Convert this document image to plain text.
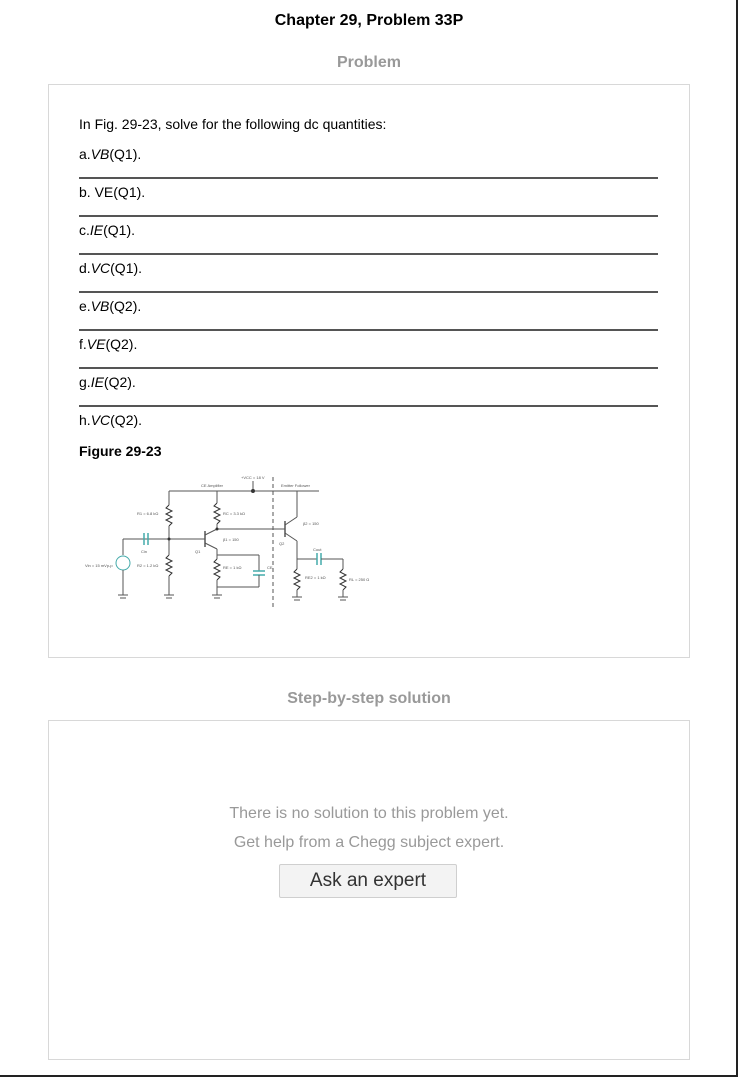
Chapter 29, Problem 33P
Problem
In Fig. 29-23, solve for the following dc quantities:
a.VB(Q1).
b. VE(Q1).
c.IE(Q1).
d.VC(Q1).
e.VB(Q2).
f.VE(Q2).
g.IE(Q2).
h.VC(Q2).
Figure 29-23
+VCC = 18 V
CE Amplifier	Emitter Follower
R1 = 6.8 kΩ	RC = 3.3 kΩ
R2 = 1.2 kΩ	RE = 1 kΩ
RE2 = 1 kΩ	RL = 250 Ω
β1 = 150
β2 = 150
Vin = 15 mVp-p
Q1
Q2
Cin
CE
Cout
Step-by-step solution
There is no solution to this problem yet.
Get help from a Chegg subject expert.
Ask an expert
